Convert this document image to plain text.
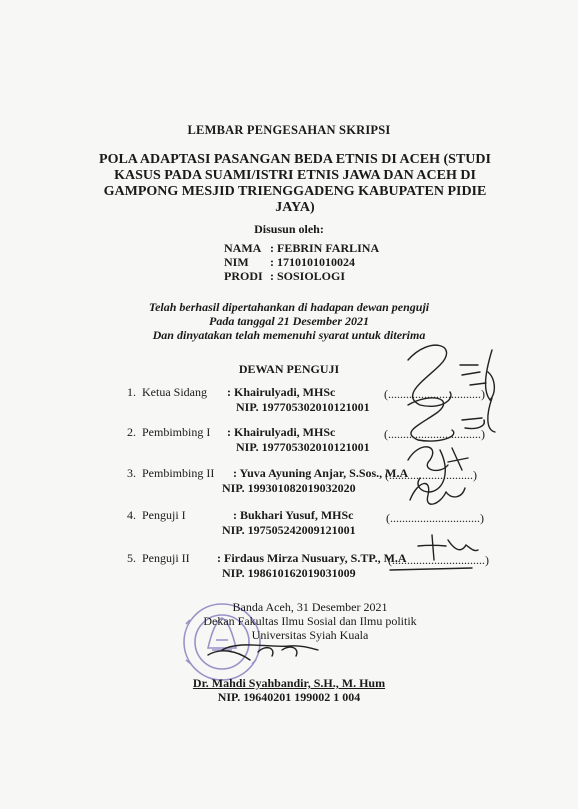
LEMBAR PENGESAHAN SKRIPSI
POLA ADAPTASI PASANGAN BEDA ETNIS DI ACEH (STUDI
KASUS PADA SUAMI/ISTRI ETNIS JAWA DAN ACEH DI
GAMPONG MESJID TRIENGGADENG KABUPATEN PIDIE
JAYA)
Disusun oleh:
NAMA : FEBRIN FARLINA
NIM	: 1710101010024
PRODI : SOSIOLOGI
Telah berhasil dipertahankan di hadapan dewan penguji
Pada tanggal 21 Desember 2021
Dan dinyatakan telah memenuhi syarat untuk diterima
DEWAN PENGUJI
1. Ketua Sidang : Khairulyadi, MHSc
NIP. 197705302010121001
(...............................)
2. Pembimbing I : Khairulyadi, MHSc
NIP. 197705302010121001
(...............................)
3. Pembimbing II : Yuva Ayuning Anjar, S.Sos., M.A
NIP. 199301082019032020
(............................)
4. Penguji I	: Bukhari Yusuf, MHSc
NIP. 197505242009121001
(..............................)
5. Penguji II : Firdaus Mirza Nusuary, S.TP., M.A
NIP. 198610162019031009
(...............................)
Banda Aceh, 31 Desember 2021
Dekan Fakultas Ilmu Sosial dan Ilmu politik
Universitas Syiah Kuala
Dr. Mahdi Syahbandir, S.H., M. Hum
NIP. 19640201 199002 1 004
